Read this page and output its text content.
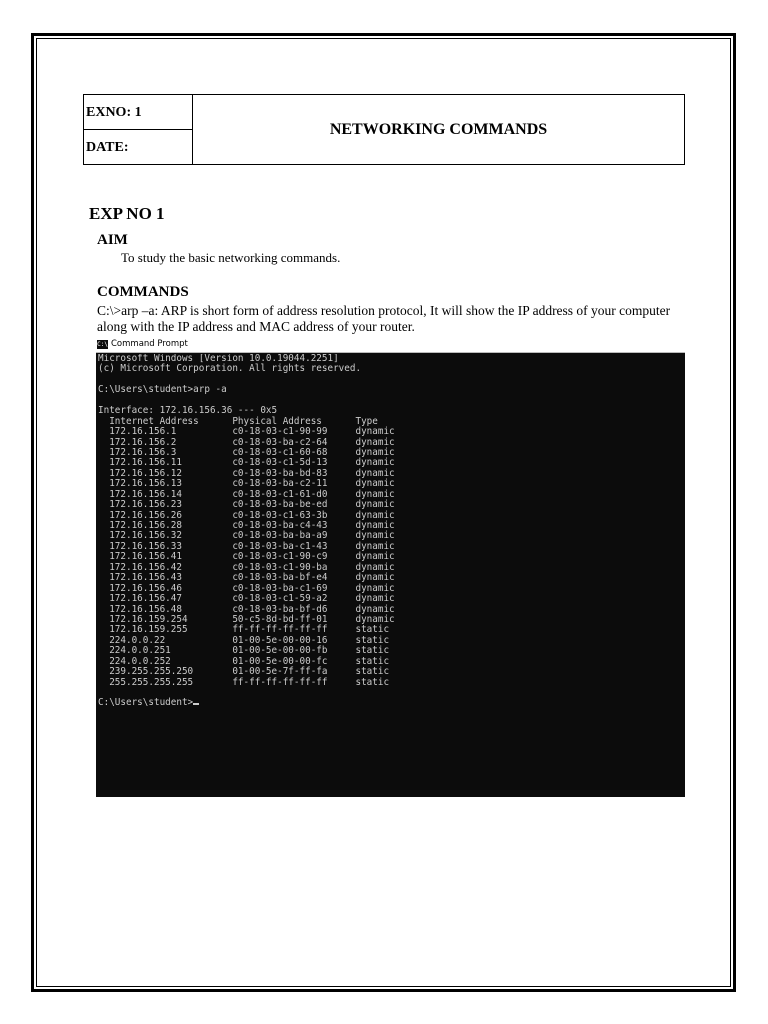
EXNO: 1
DATE:
NETWORKING COMMANDS
EXP NO 1
AIM
To study the basic networking commands.
COMMANDS
C:\>arp –a: ARP is short form of address resolution protocol, It will show the IP address of your computer along with the IP address and MAC address of your router.
C:\ Command Prompt
Microsoft Windows [Version 10.0.19044.2251]
(c) Microsoft Corporation. All rights reserved.
C:\Users\student>arp -a
Interface: 172.16.156.36 --- 0x5
Internet Address      Physical Address      Type
172.16.156.1          c0-18-03-c1-90-99     dynamic
172.16.156.2          c0-18-03-ba-c2-64     dynamic
172.16.156.3          c0-18-03-c1-60-68     dynamic
172.16.156.11         c0-18-03-c1-5d-13     dynamic
172.16.156.12         c0-18-03-ba-bd-83     dynamic
172.16.156.13         c0-18-03-ba-c2-11     dynamic
172.16.156.14         c0-18-03-c1-61-d0     dynamic
172.16.156.23         c0-18-03-ba-be-ed     dynamic
172.16.156.26         c0-18-03-c1-63-3b     dynamic
172.16.156.28         c0-18-03-ba-c4-43     dynamic
172.16.156.32         c0-18-03-ba-ba-a9     dynamic
172.16.156.33         c0-18-03-ba-c1-43     dynamic
172.16.156.41         c0-18-03-c1-90-c9     dynamic
172.16.156.42         c0-18-03-c1-90-ba     dynamic
172.16.156.43         c0-18-03-ba-bf-e4     dynamic
172.16.156.46         c0-18-03-ba-c1-69     dynamic
172.16.156.47         c0-18-03-c1-59-a2     dynamic
172.16.156.48         c0-18-03-ba-bf-d6     dynamic
172.16.159.254        50-c5-8d-bd-ff-01     dynamic
172.16.159.255        ff-ff-ff-ff-ff-ff     static
224.0.0.22            01-00-5e-00-00-16     static
224.0.0.251           01-00-5e-00-00-fb     static
224.0.0.252           01-00-5e-00-00-fc     static
239.255.255.250       01-00-5e-7f-ff-fa     static
255.255.255.255       ff-ff-ff-ff-ff-ff     static
C:\Users\student>
